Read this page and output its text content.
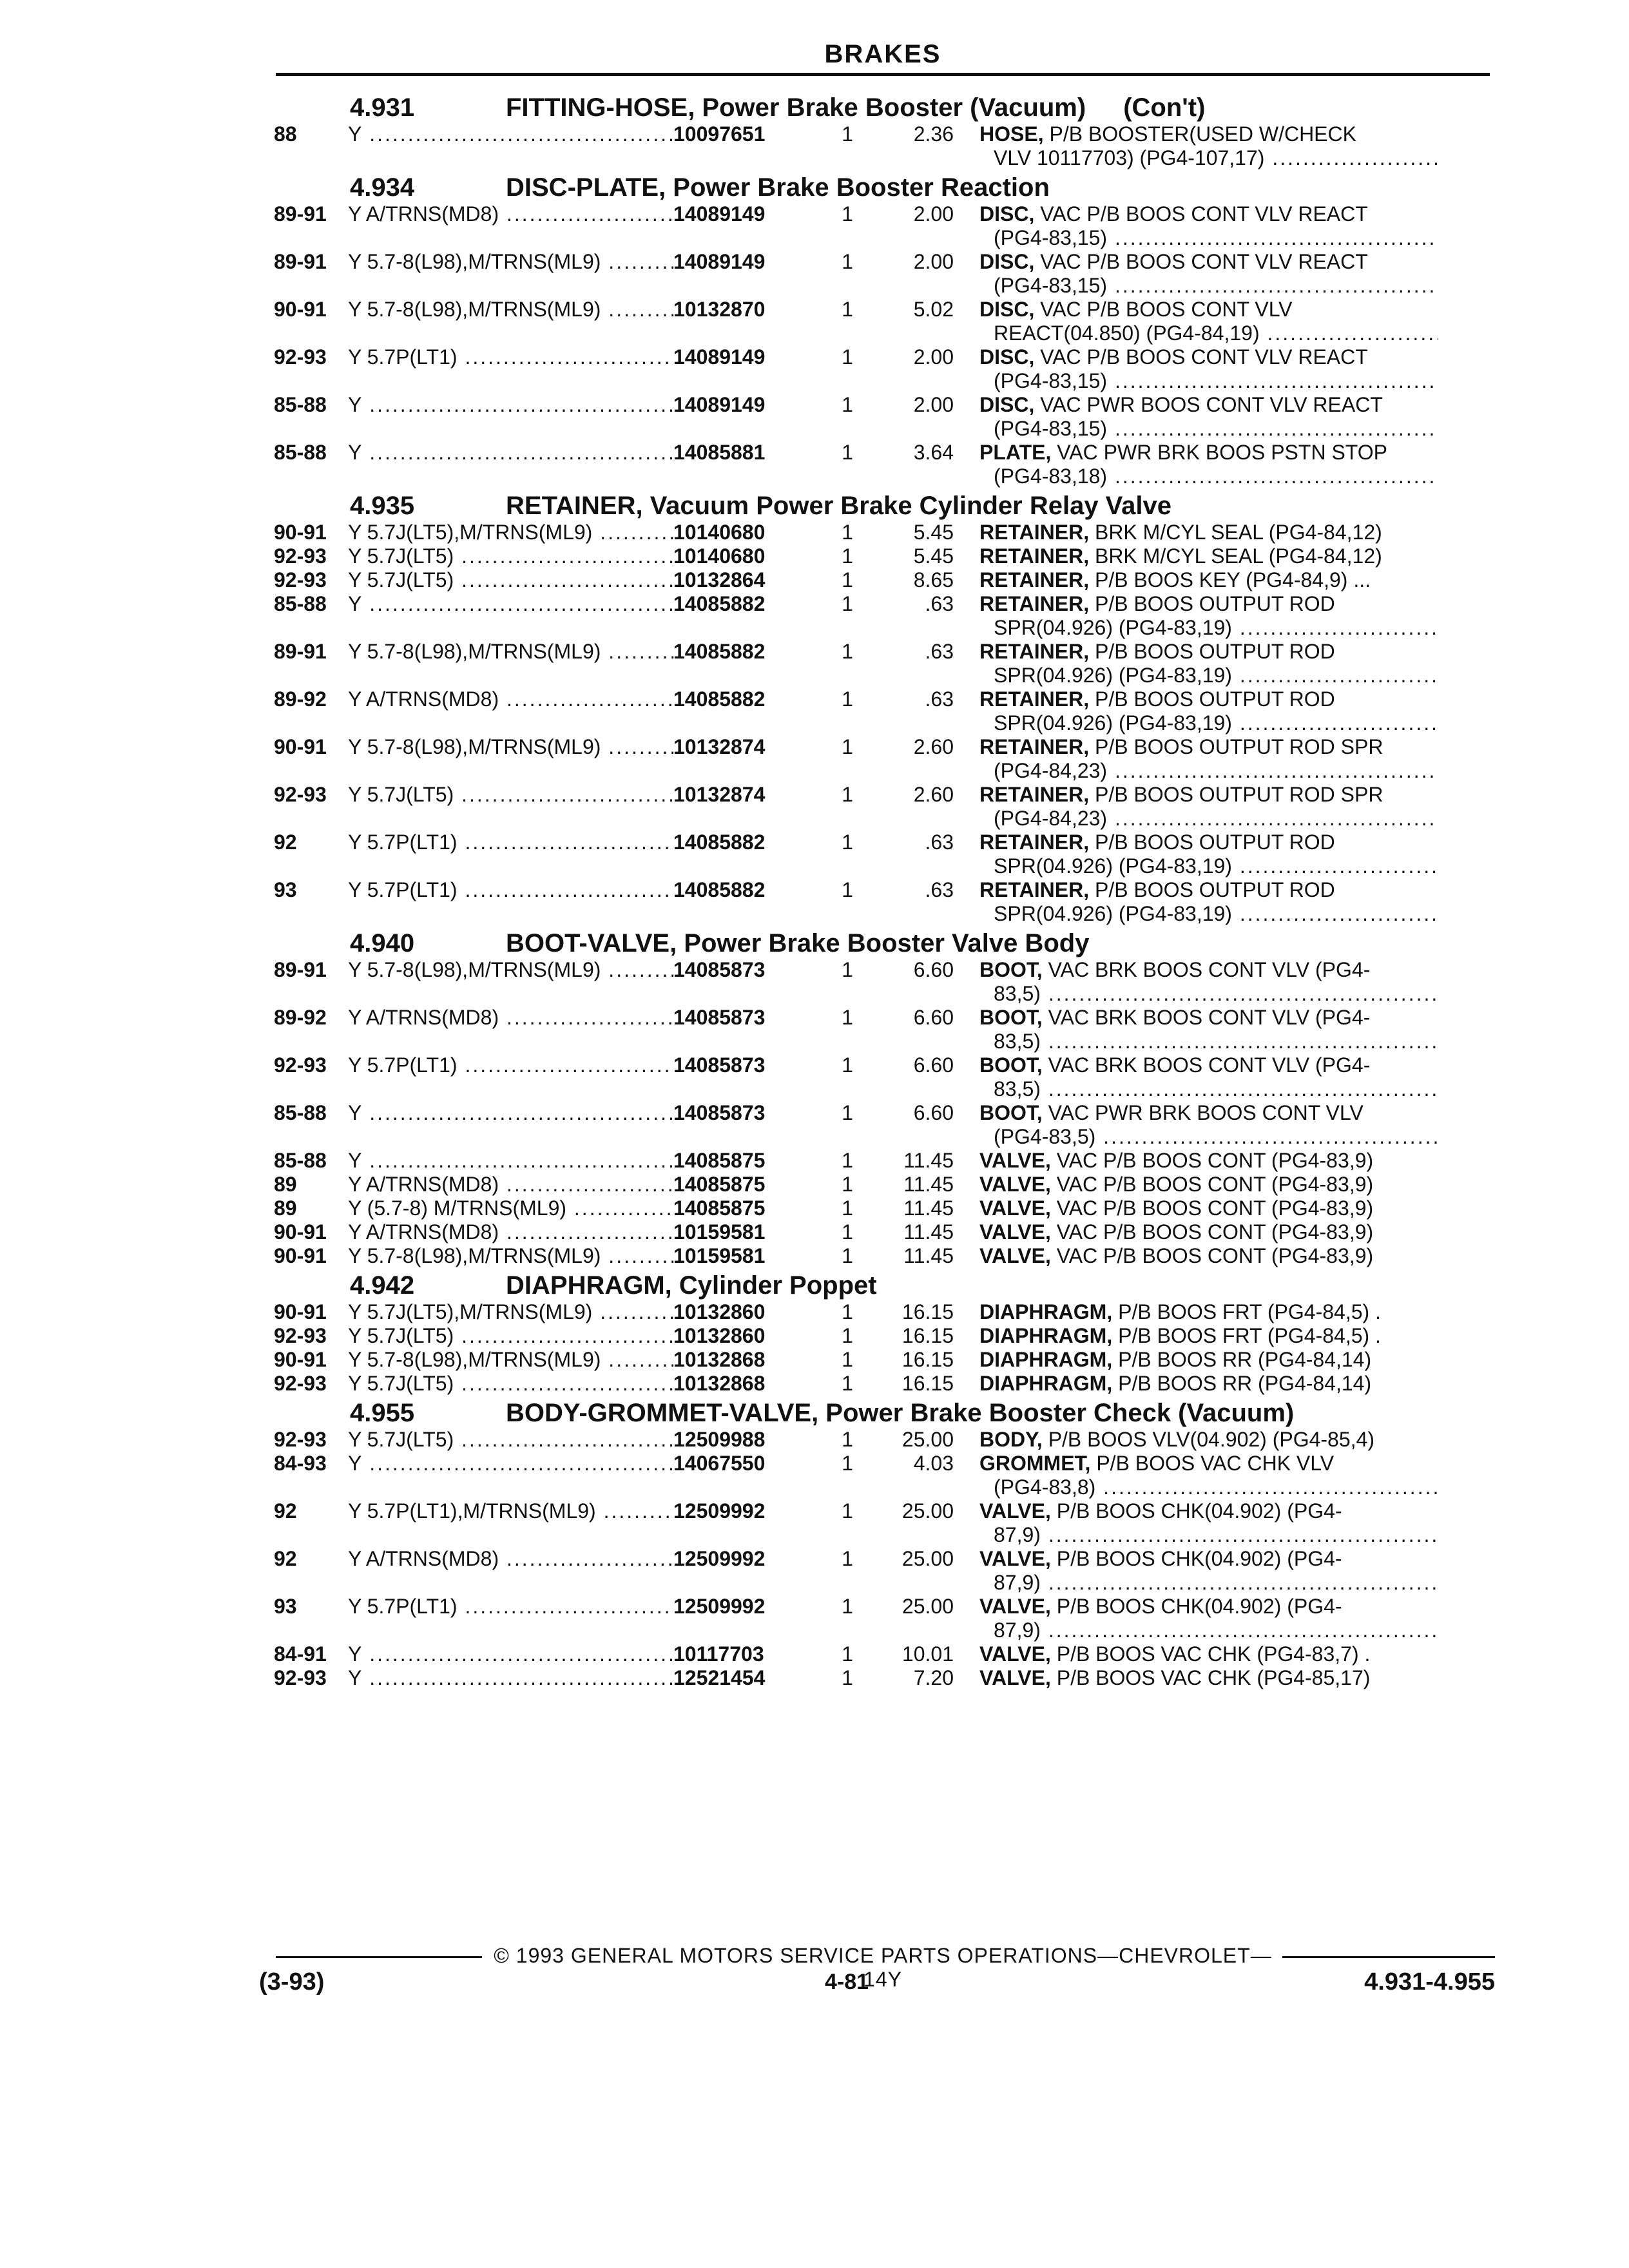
BRAKES
4.931	FITTING-HOSE, Power Brake Booster (Vacuum) (Con't)
88	Y .....	10097651	1	2.36	HOSE, P/B BOOSTER(USED W/CHECK
VLV 10117703) (PG4-107,17) .....
4.934	DISC-PLATE, Power Brake Booster Reaction
89-91	Y A/TRNS(MD8) .....	14089149	1	2.00	DISC, VAC P/B BOOS CONT VLV REACT
(PG4-83,15) .....
89-91	Y 5.7-8(L98),M/TRNS(ML9) .....	14089149	1	2.00	DISC, VAC P/B BOOS CONT VLV REACT
(PG4-83,15) .....
90-91	Y 5.7-8(L98),M/TRNS(ML9) .....	10132870	1	5.02	DISC, VAC P/B BOOS CONT VLV
REACT(04.850) (PG4-84,19) .....
92-93	Y 5.7P(LT1) .....	14089149	1	2.00	DISC, VAC P/B BOOS CONT VLV REACT
(PG4-83,15) .....
85-88	Y .....	14089149	1	2.00	DISC, VAC PWR BOOS CONT VLV REACT
(PG4-83,15) .....
85-88	Y .....	14085881	1	3.64	PLATE, VAC PWR BRK BOOS PSTN STOP
(PG4-83,18) .....
4.935	RETAINER, Vacuum Power Brake Cylinder Relay Valve
90-91	Y 5.7J(LT5),M/TRNS(ML9) .....	10140680	1	5.45	RETAINER, BRK M/CYL SEAL (PG4-84,12)
92-93	Y 5.7J(LT5) .....	10140680	1	5.45	RETAINER, BRK M/CYL SEAL (PG4-84,12)
92-93	Y 5.7J(LT5) .....	10132864	1	8.65	RETAINER, P/B BOOS KEY (PG4-84,9) ...
85-88	Y .....	14085882	1	.63	RETAINER, P/B BOOS OUTPUT ROD
SPR(04.926) (PG4-83,19) .....
89-91	Y 5.7-8(L98),M/TRNS(ML9) .....	14085882	1	.63	RETAINER, P/B BOOS OUTPUT ROD
SPR(04.926) (PG4-83,19) .....
89-92	Y A/TRNS(MD8) .....	14085882	1	.63	RETAINER, P/B BOOS OUTPUT ROD
SPR(04.926) (PG4-83,19) .....
90-91	Y 5.7-8(L98),M/TRNS(ML9) .....	10132874	1	2.60	RETAINER, P/B BOOS OUTPUT ROD SPR
(PG4-84,23) .....
92-93	Y 5.7J(LT5) .....	10132874	1	2.60	RETAINER, P/B BOOS OUTPUT ROD SPR
(PG4-84,23) .....
92	Y 5.7P(LT1) .....	14085882	1	.63	RETAINER, P/B BOOS OUTPUT ROD
SPR(04.926) (PG4-83,19) .....
93	Y 5.7P(LT1) .....	14085882	1	.63	RETAINER, P/B BOOS OUTPUT ROD
SPR(04.926) (PG4-83,19) .....
4.940	BOOT-VALVE, Power Brake Booster Valve Body
89-91	Y 5.7-8(L98),M/TRNS(ML9) .....	14085873	1	6.60	BOOT, VAC BRK BOOS CONT VLV (PG4-
83,5) .....
89-92	Y A/TRNS(MD8) .....	14085873	1	6.60	BOOT, VAC BRK BOOS CONT VLV (PG4-
83,5) .....
92-93	Y 5.7P(LT1) .....	14085873	1	6.60	BOOT, VAC BRK BOOS CONT VLV (PG4-
83,5) .....
85-88	Y .....	14085873	1	6.60	BOOT, VAC PWR BRK BOOS CONT VLV
(PG4-83,5) .....
85-88	Y .....	14085875	1	11.45	VALVE, VAC P/B BOOS CONT (PG4-83,9)
89	Y A/TRNS(MD8) .....	14085875	1	11.45	VALVE, VAC P/B BOOS CONT (PG4-83,9)
89	Y (5.7-8) M/TRNS(ML9) .....	14085875	1	11.45	VALVE, VAC P/B BOOS CONT (PG4-83,9)
90-91	Y A/TRNS(MD8) .....	10159581	1	11.45	VALVE, VAC P/B BOOS CONT (PG4-83,9)
90-91	Y 5.7-8(L98),M/TRNS(ML9) .....	10159581	1	11.45	VALVE, VAC P/B BOOS CONT (PG4-83,9)
4.942	DIAPHRAGM, Cylinder Poppet
90-91	Y 5.7J(LT5),M/TRNS(ML9) .....	10132860	1	16.15	DIAPHRAGM, P/B BOOS FRT (PG4-84,5) .
92-93	Y 5.7J(LT5) .....	10132860	1	16.15	DIAPHRAGM, P/B BOOS FRT (PG4-84,5) .
90-91	Y 5.7-8(L98),M/TRNS(ML9) .....	10132868	1	16.15	DIAPHRAGM, P/B BOOS RR (PG4-84,14)
92-93	Y 5.7J(LT5) .....	10132868	1	16.15	DIAPHRAGM, P/B BOOS RR (PG4-84,14)
4.955	BODY-GROMMET-VALVE, Power Brake Booster Check (Vacuum)
92-93	Y 5.7J(LT5) .....	12509988	1	25.00	BODY, P/B BOOS VLV(04.902) (PG4-85,4)
84-93	Y .....	14067550	1	4.03	GROMMET, P/B BOOS VAC CHK VLV
(PG4-83,8) .....
92	Y 5.7P(LT1),M/TRNS(ML9) .....	12509992	1	25.00	VALVE, P/B BOOS CHK(04.902) (PG4-
87,9) .....
92	Y A/TRNS(MD8) .....	12509992	1	25.00	VALVE, P/B BOOS CHK(04.902) (PG4-
87,9) .....
93	Y 5.7P(LT1) .....	12509992	1	25.00	VALVE, P/B BOOS CHK(04.902) (PG4-
87,9) .....
84-91	Y .....	10117703	1	10.01	VALVE, P/B BOOS VAC CHK (PG4-83,7) .
92-93	Y .....	12521454	1	7.20	VALVE, P/B BOOS VAC CHK (PG4-85,17)
© 1993 GENERAL MOTORS SERVICE PARTS OPERATIONS—CHEVROLET—14Y
(3-93)	4-81	4.931-4.955
